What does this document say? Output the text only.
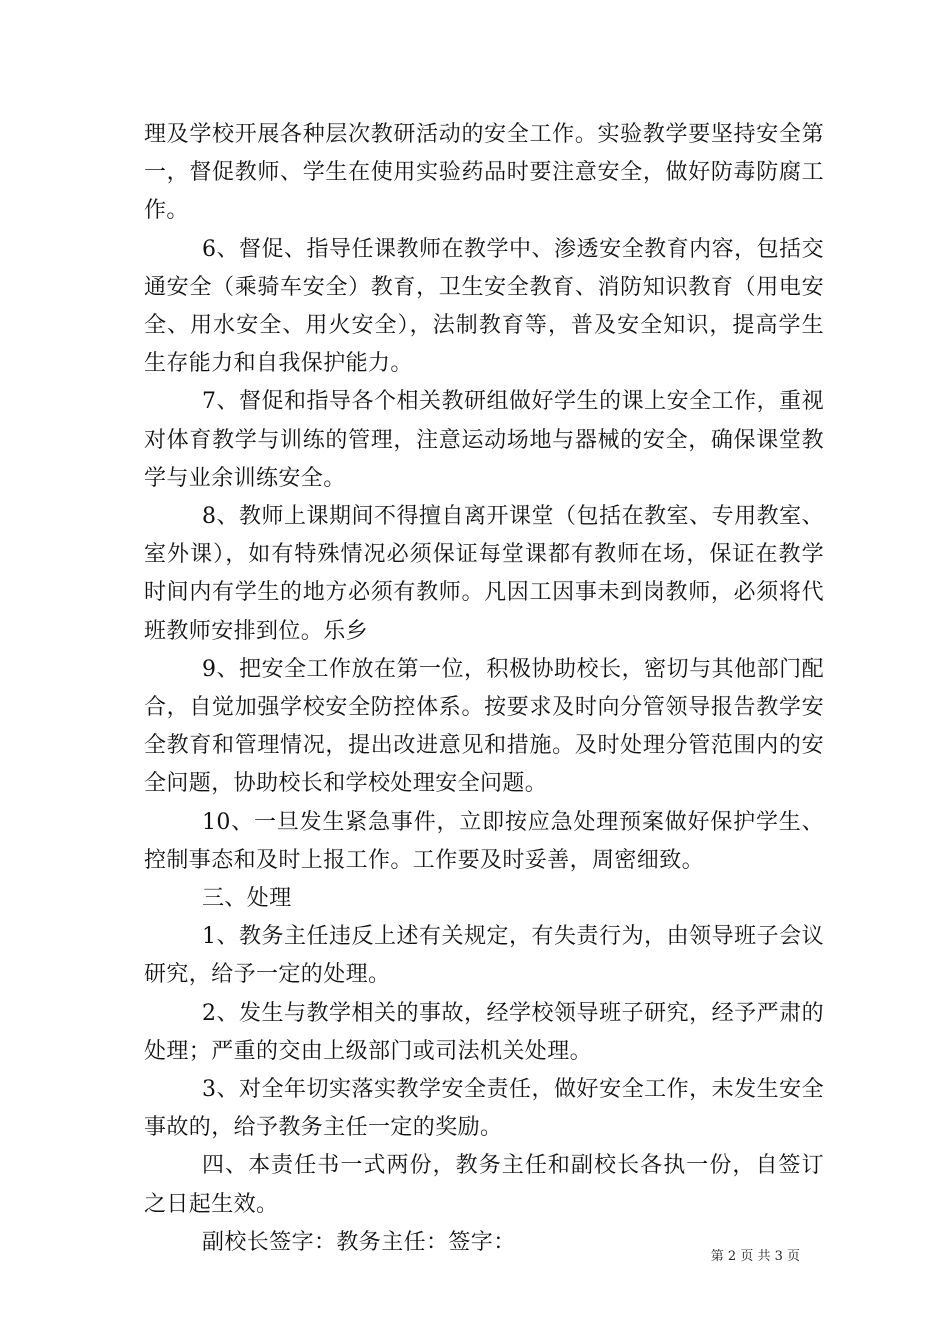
理及学校开展各种层次教研活动的安全工作。实验教学要坚持安全第一，督促教师、学生在使用实验药品时要注意安全，做好防毒防腐工作。

6、督促、指导任课教师在教学中、渗透安全教育内容，包括交通安全（乘骑车安全）教育，卫生安全教育、消防知识教育（用电安全、用水安全、用火安全），法制教育等，普及安全知识，提高学生生存能力和自我保护能力。

7、督促和指导各个相关教研组做好学生的课上安全工作，重视对体育教学与训练的管理，注意运动场地与器械的安全，确保课堂教学与业余训练安全。

8、教师上课期间不得擅自离开课堂（包括在教室、专用教室、室外课），如有特殊情况必须保证每堂课都有教师在场，保证在教学时间内有学生的地方必须有教师。凡因工因事未到岗教师，必须将代班教师安排到位。乐乡

9、把安全工作放在第一位，积极协助校长，密切与其他部门配合，自觉加强学校安全防控体系。按要求及时向分管领导报告教学安全教育和管理情况，提出改进意见和措施。及时处理分管范围内的安全问题，协助校长和学校处理安全问题。

10、一旦发生紧急事件，立即按应急处理预案做好保护学生、控制事态和及时上报工作。工作要及时妥善，周密细致。

三、处理

1、教务主任违反上述有关规定，有失责行为，由领导班子会议研究，给予一定的处理。

2、发生与教学相关的事故，经学校领导班子研究，经予严肃的处理；严重的交由上级部门或司法机关处理。

3、对全年切实落实教学安全责任，做好安全工作，未发生安全事故的，给予教务主任一定的奖励。

四、本责任书一式两份，教务主任和副校长各执一份，自签订之日起生效。

副校长签字：教务主任：签字：

第 2 页 共 3 页
